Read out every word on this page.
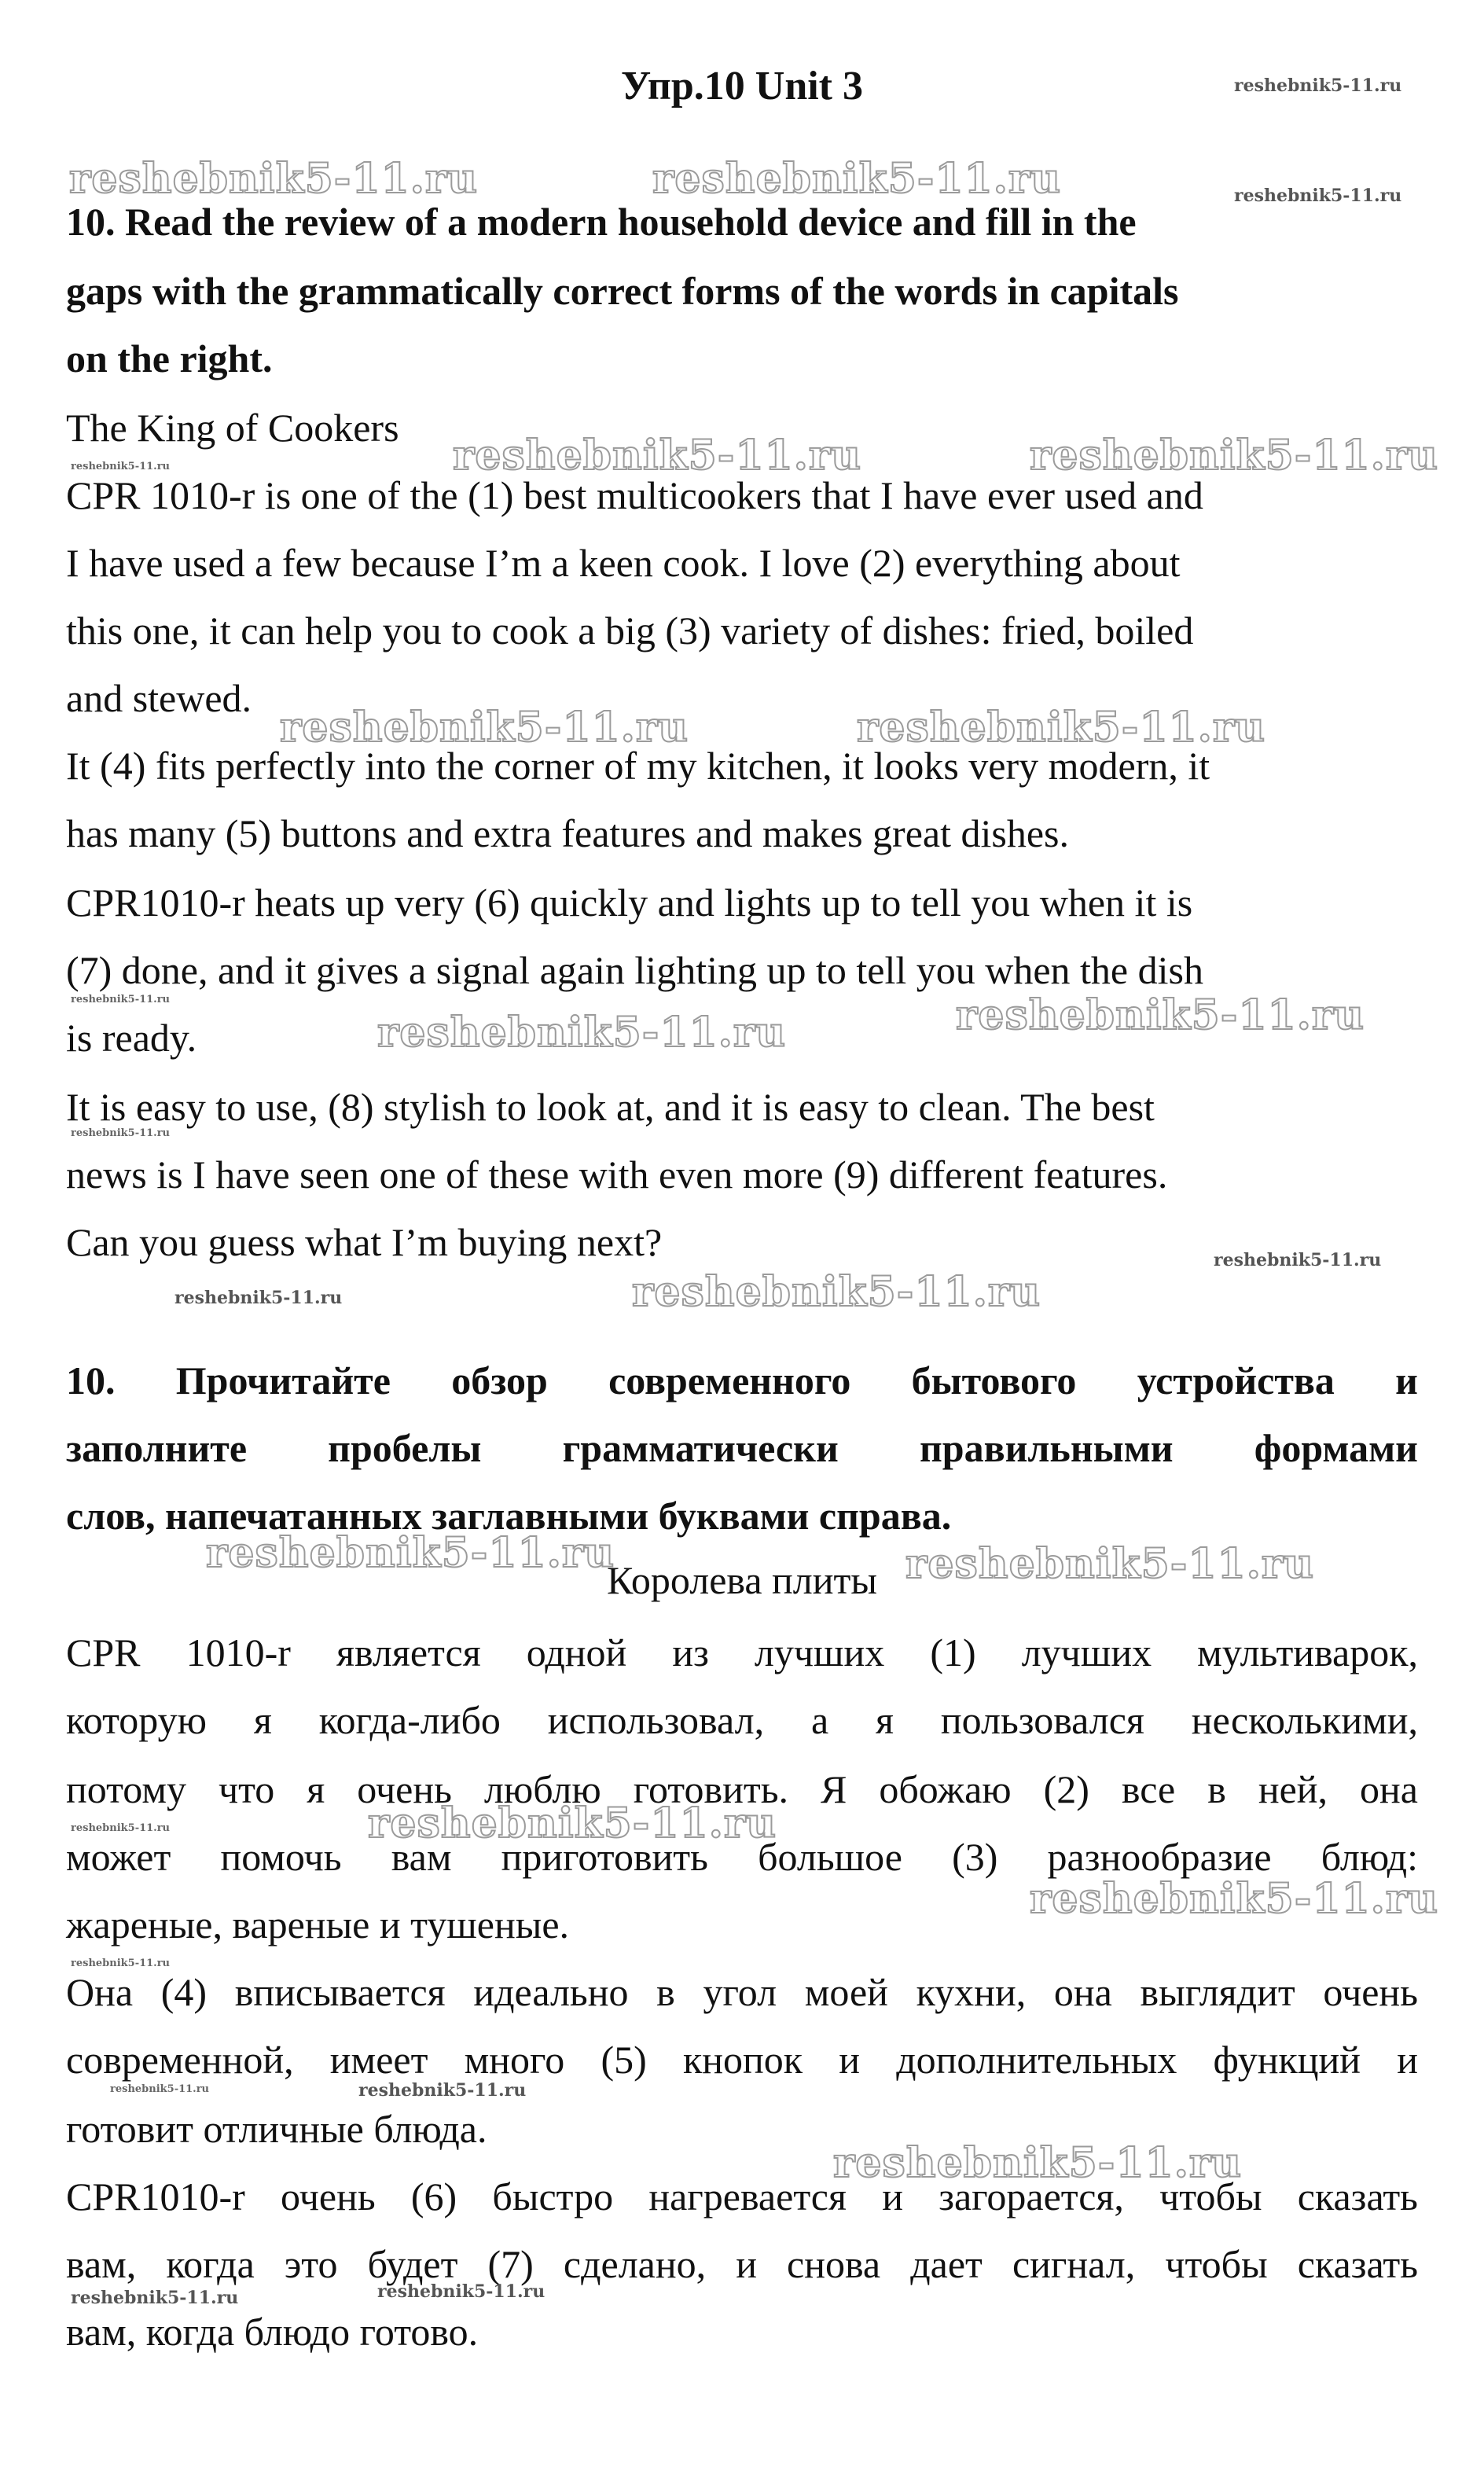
Упр.10 Unit 3	reshebnik5-11.ru
reshebnik5-11.ru	reshebnik5-11.ru	reshebnik5-11.ru
10. Read the review of a modern household device and fill in the
gaps with the grammatically correct forms of the words in capitals
on the right.
The King of Cookers
reshebnik5-11.ru	reshebnik5-11.ru	reshebnik5-11.ru
CPR 1010-r is one of the (1) best multicookers that I have ever used and
I have used a few because I’m a keen cook. I love (2) everything about
this one, it can help you to cook a big (3) variety of dishes: fried, boiled
and stewed.
reshebnik5-11.ru	reshebnik5-11.ru
It (4) fits perfectly into the corner of my kitchen, it looks very modern, it
has many (5) buttons and extra features and makes great dishes.
CPR1010-r heats up very (6) quickly and lights up to tell you when it is
(7) done, and it gives a signal again lighting up to tell you when the dish
reshebnik5-11.ru	reshebnik5-11.ru
is ready.	reshebnik5-11.ru
It is easy to use, (8) stylish to look at, and it is easy to clean. The best
reshebnik5-11.ru
news is I have seen one of these with even more (9) different features.
Can you guess what I’m buying next?	reshebnik5-11.ru
reshebnik5-11.ru	reshebnik5-11.ru
10. Прочитайте обзор современного бытового устройства и
заполните пробелы грамматически правильными формами
слов, напечатанных заглавными буквами справа.
reshebnik5-11.ru
Королева плиты reshebnik5-11.ru
CPR 1010-r является одной из лучших (1) лучших мультиварок,
которую я когда-либо использовал, а я пользовался несколькими,
потому что я очень люблю готовить. Я обожаю (2) все в ней, она
reshebnik5-11.ru	reshebnik5-11.ru
может помочь вам приготовить большое (3) разнообразие блюд:
reshebnik5-11.ru
жареные, вареные и тушеные.
reshebnik5-11.ru
Она (4) вписывается идеально в угол моей кухни, она выглядит очень
современной, имеет много (5) кнопок и дополнительных функций и
reshebnik5-11.ru	reshebnik5-11.ru
готовит отличные блюда.
reshebnik5-11.ru
CPR1010-r очень (6) быстро нагревается и загорается, чтобы сказать
вам, когда это будет (7) сделано, и снова дает сигнал, чтобы сказать
reshebnik5-11.ru	reshebnik5-11.ru
вам, когда блюдо готово.
